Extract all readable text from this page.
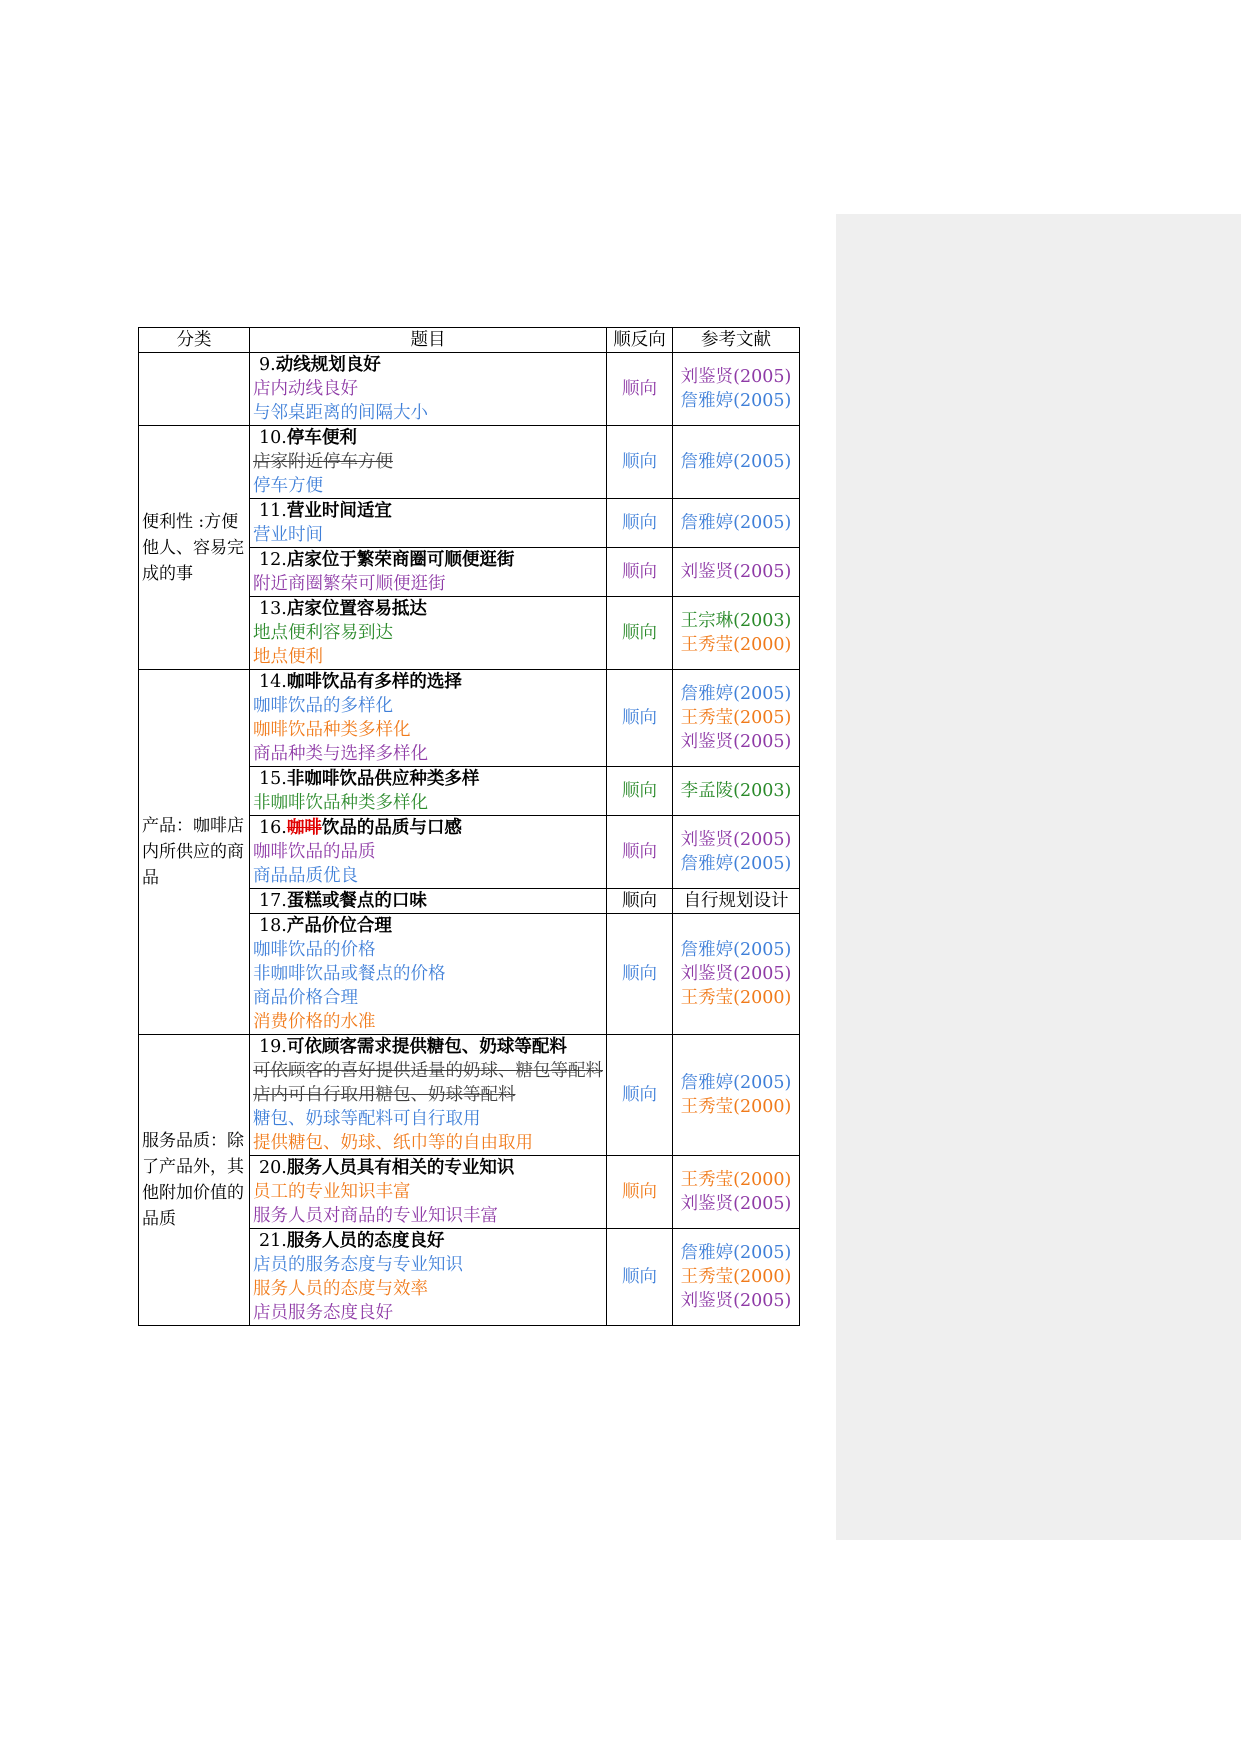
分类	题目	顺反向	参考文献

	9.动线规划良好
店内动线良好
与邻桌距离的间隔大小	顺向	刘鉴贤(2005)
詹雅婷(2005)

便利性 :方便他人、容易完成的事	10.停车便利
店家附近停车方便
停车方便	顺向	詹雅婷(2005)

	11.营业时间适宜
营业时间	顺向	詹雅婷(2005)

	12.店家位于繁荣商圈可顺便逛街
附近商圈繁荣可顺便逛街	顺向	刘鉴贤(2005)

	13.店家位置容易抵达
地点便利容易到达
地点便利	顺向	王宗琳(2003)
王秀莹(2000)

产品：咖啡店内所供应的商品	14.咖啡饮品有多样的选择
咖啡饮品的多样化
咖啡饮品种类多样化
商品种类与选择多样化	顺向	詹雅婷(2005)
王秀莹(2005)
刘鉴贤(2005)

	15.非咖啡饮品供应种类多样
非咖啡饮品种类多样化	顺向	李孟陵(2003)

	16.咖啡饮品的品质与口感
咖啡饮品的品质
商品品质优良	顺向	刘鉴贤(2005)
詹雅婷(2005)

	17.蛋糕或餐点的口味	顺向	自行规划设计

	18.产品价位合理
咖啡饮品的价格
非咖啡饮品或餐点的价格
商品价格合理
消费价格的水准	顺向	詹雅婷(2005)
刘鉴贤(2005)
王秀莹(2000)

服务品质：除了产品外，其他附加价值的品质	19.可依顾客需求提供糖包、奶球等配料
可依顾客的喜好提供适量的奶球、糖包等配料
店内可自行取用糖包、奶球等配料
糖包、奶球等配料可自行取用
提供糖包、奶球、纸巾等的自由取用	顺向	詹雅婷(2005)
王秀莹(2000)

	20.服务人员具有相关的专业知识
员工的专业知识丰富
服务人员对商品的专业知识丰富	顺向	王秀莹(2000)
刘鉴贤(2005)

	21.服务人员的态度良好
店员的服务态度与专业知识
服务人员的态度与效率
店员服务态度良好	顺向	詹雅婷(2005)
王秀莹(2000)
刘鉴贤(2005)
